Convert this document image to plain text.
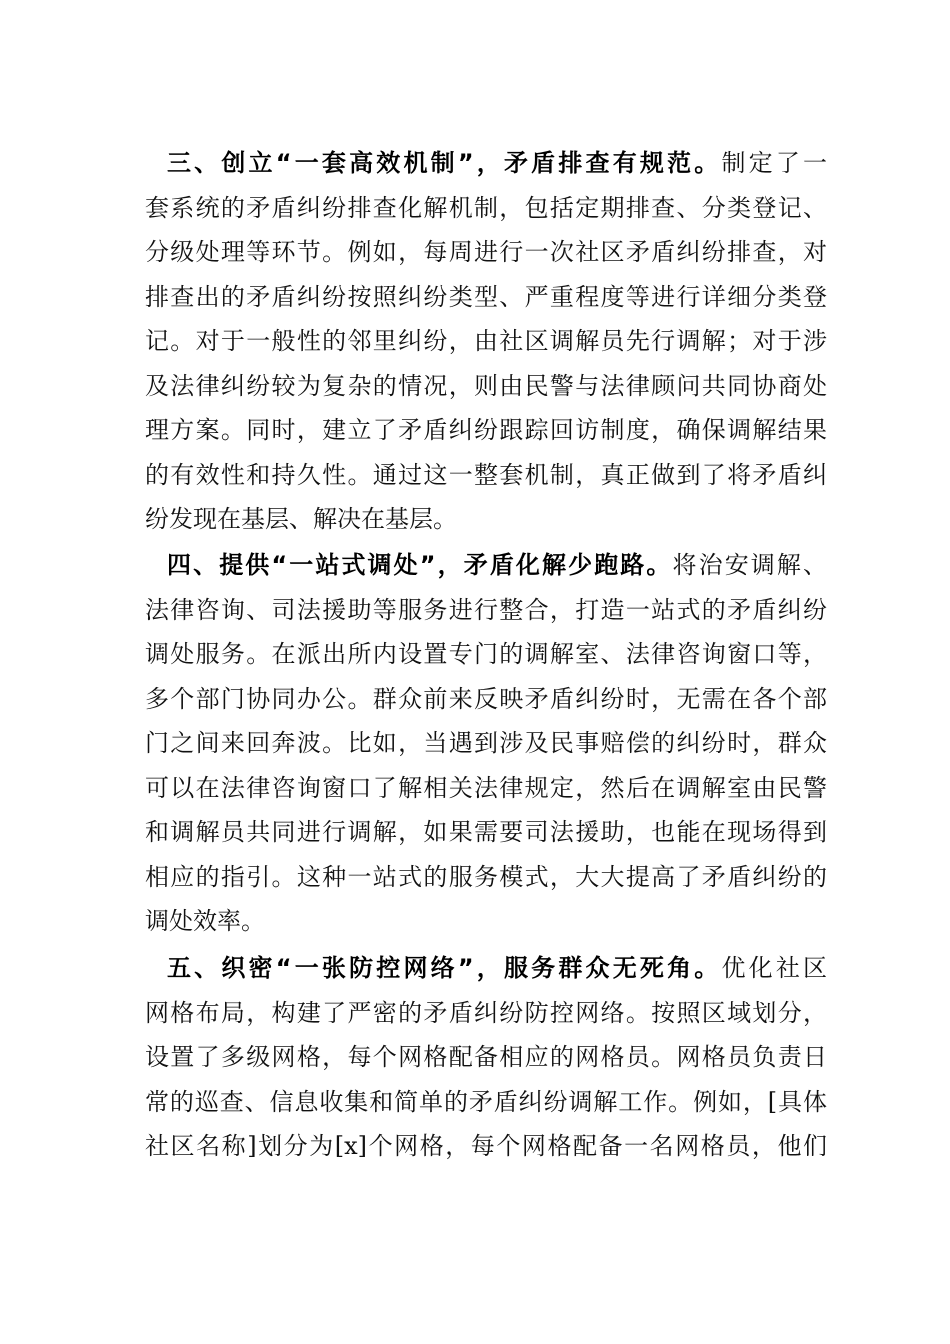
三、创立“一套高效机制”，矛盾排查有规范。制定了一
套系统的矛盾纠纷排查化解机制，包括定期排查、分类登记、
分级处理等环节。例如，每周进行一次社区矛盾纠纷排查，对
排查出的矛盾纠纷按照纠纷类型、严重程度等进行详细分类登
记。对于一般性的邻里纠纷，由社区调解员先行调解；对于涉
及法律纠纷较为复杂的情况，则由民警与法律顾问共同协商处
理方案。同时，建立了矛盾纠纷跟踪回访制度，确保调解结果
的有效性和持久性。通过这一整套机制，真正做到了将矛盾纠
纷发现在基层、解决在基层。
四、提供“一站式调处”，矛盾化解少跑路。将治安调解、
法律咨询、司法援助等服务进行整合，打造一站式的矛盾纠纷
调处服务。在派出所内设置专门的调解室、法律咨询窗口等，
多个部门协同办公。群众前来反映矛盾纠纷时，无需在各个部
门之间来回奔波。比如，当遇到涉及民事赔偿的纠纷时，群众
可以在法律咨询窗口了解相关法律规定，然后在调解室由民警
和调解员共同进行调解，如果需要司法援助，也能在现场得到
相应的指引。这种一站式的服务模式，大大提高了矛盾纠纷的
调处效率。
五、织密“一张防控网络”，服务群众无死角。优化社区
网格布局，构建了严密的矛盾纠纷防控网络。按照区域划分，
设置了多级网格，每个网格配备相应的网格员。网格员负责日
常的巡查、信息收集和简单的矛盾纠纷调解工作。例如，[具体
社区名称]划分为[x]个网格，每个网格配备一名网格员，他们
